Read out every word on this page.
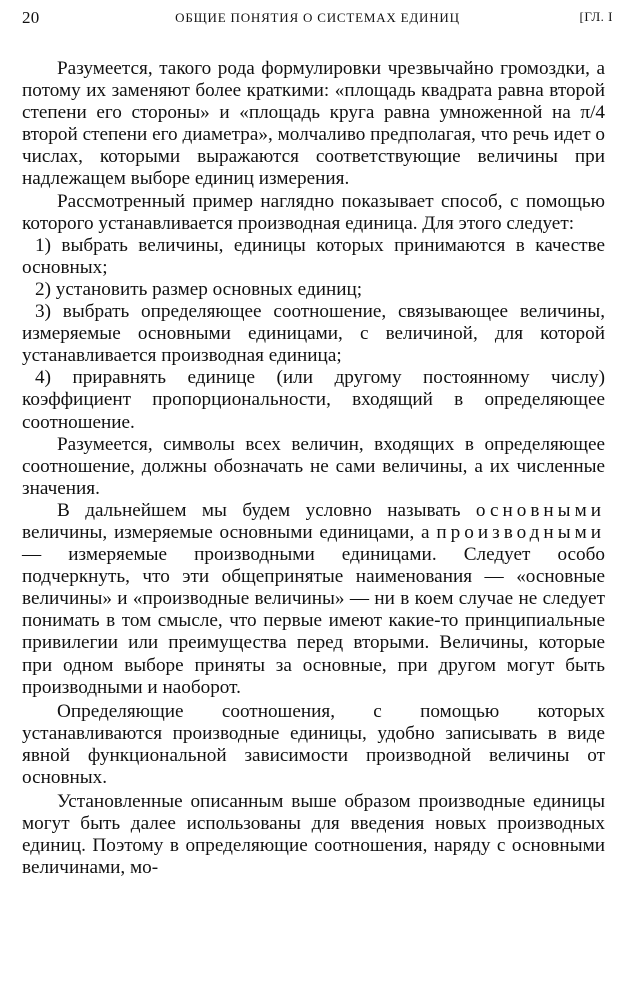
20	ОБЩИЕ ПОНЯТИЯ О СИСТЕМАХ ЕДИНИЦ	[ГЛ. I

Разумеется, такого рода формулировки чрезвычайно громоздки, а потому их заменяют более краткими: «площадь квадрата равна второй степени его стороны» и «площадь круга равна умноженной на π/4 второй степени его диаметра», молчаливо предполагая, что речь идет о числах, которыми выражаются соответствующие величины при надлежащем выборе единиц измерения.

Рассмотренный пример наглядно показывает способ, с помощью которого устанавливается производная единица. Для этого следует:

1) выбрать величины, единицы которых принимаются в качестве основных;

2) установить размер основных единиц;

3) выбрать определяющее соотношение, связывающее величины, измеряемые основными единицами, с величиной, для которой устанавливается производная единица;

4) приравнять единице (или другому постоянному числу) коэффициент пропорциональности, входящий в определяющее соотношение.

Разумеется, символы всех величин, входящих в определяющее соотношение, должны обозначать не сами величины, а их численные значения.

В дальнейшем мы будем условно называть основными величины, измеряемые основными единицами, а производными— измеряемые производными единицами. Следует особо подчеркнуть, что эти общепринятые наименования — «основные величины» и «производные величины» — ни в коем случае не следует понимать в том смысле, что первые имеют какие-то принципиальные привилегии или преимущества перед вторыми. Величины, которые при одном выборе приняты за основные, при другом могут быть производными и наоборот.

Определяющие соотношения, с помощью которых устанавливаются производные единицы, удобно записывать в виде явной функциональной зависимости производной величины от основных.

Установленные описанным выше образом производные единицы могут быть далее использованы для введения новых производных единиц. Поэтому в определяющие соотношения, наряду с основными величинами, мо-
